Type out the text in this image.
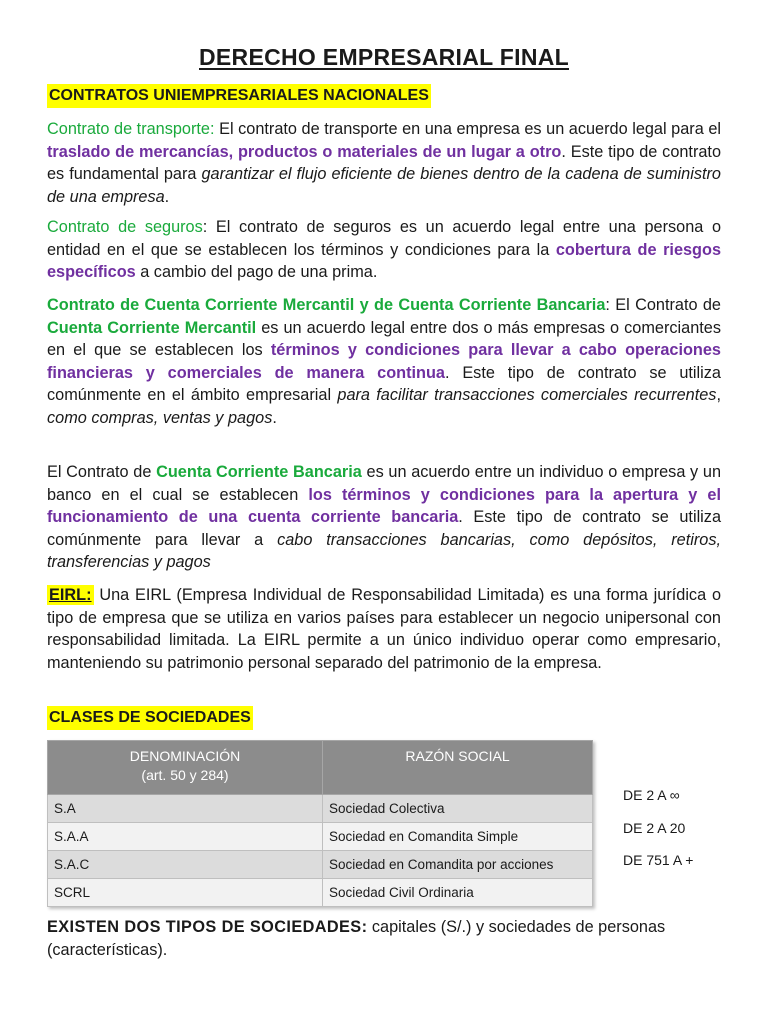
DERECHO EMPRESARIAL FINAL
CONTRATOS UNIEMPRESARIALES NACIONALES
Contrato de transporte: El contrato de transporte en una empresa es un acuerdo legal para el traslado de mercancías, productos o materiales de un lugar a otro. Este tipo de contrato es fundamental para garantizar el flujo eficiente de bienes dentro de la cadena de suministro de una empresa.
Contrato de seguros: El contrato de seguros es un acuerdo legal entre una persona o entidad en el que se establecen los términos y condiciones para la cobertura de riesgos específicos a cambio del pago de una prima.
Contrato de Cuenta Corriente Mercantil y de Cuenta Corriente Bancaria: El Contrato de Cuenta Corriente Mercantil es un acuerdo legal entre dos o más empresas o comerciantes en el que se establecen los términos y condiciones para llevar a cabo operaciones financieras y comerciales de manera continua. Este tipo de contrato se utiliza comúnmente en el ámbito empresarial para facilitar transacciones comerciales recurrentes, como compras, ventas y pagos.
El Contrato de Cuenta Corriente Bancaria es un acuerdo entre un individuo o empresa y un banco en el cual se establecen los términos y condiciones para la apertura y el funcionamiento de una cuenta corriente bancaria. Este tipo de contrato se utiliza comúnmente para llevar a cabo transacciones bancarias, como depósitos, retiros, transferencias y pagos
EIRL: Una EIRL (Empresa Individual de Responsabilidad Limitada) es una forma jurídica o tipo de empresa que se utiliza en varios países para establecer un negocio unipersonal con responsabilidad limitada. La EIRL permite a un único individuo operar como empresario, manteniendo su patrimonio personal separado del patrimonio de la empresa.
CLASES DE SOCIEDADES
DENOMINACIÓN
(art. 50 y 284)	RAZÓN SOCIAL
S.A	Sociedad Colectiva
S.A.A	Sociedad en Comandita Simple
S.A.C	Sociedad en Comandita por acciones
SCRL	Sociedad Civil Ordinaria
DE 2 A ∞
DE 2 A 20
DE 751 A +
EXISTEN DOS TIPOS DE SOCIEDADES: capitales (S/.) y sociedades de personas (características).
